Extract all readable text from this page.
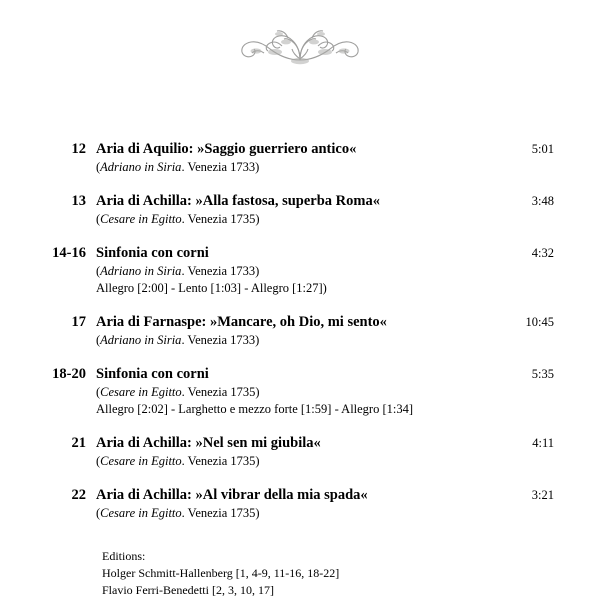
12 Aria di Aquilio: »Saggio guerriero antico«
(Adriano in Siria. Venezia 1733)
5:01
13 Aria di Achilla: »Alla fastosa, superba Roma«
(Cesare in Egitto. Venezia 1735)
3:48
14-16 Sinfonia con corni
(Adriano in Siria. Venezia 1733)
Allegro [2:00] - Lento [1:03] - Allegro [1:27])
4:32
17 Aria di Farnaspe: »Mancare, oh Dio, mi sento«
(Adriano in Siria. Venezia 1733)
10:45
18-20 Sinfonia con corni
(Cesare in Egitto. Venezia 1735)
Allegro [2:02] - Larghetto e mezzo forte [1:59] - Allegro [1:34]
5:35
21 Aria di Achilla: »Nel sen mi giubila«
(Cesare in Egitto. Venezia 1735)
4:11
22 Aria di Achilla: »Al vibrar della mia spada«
(Cesare in Egitto. Venezia 1735)
3:21
Editions:
Holger Schmitt-Hallenberg [1, 4-9, 11-16, 18-22]
Flavio Ferri-Benedetti [2, 3, 10, 17]
